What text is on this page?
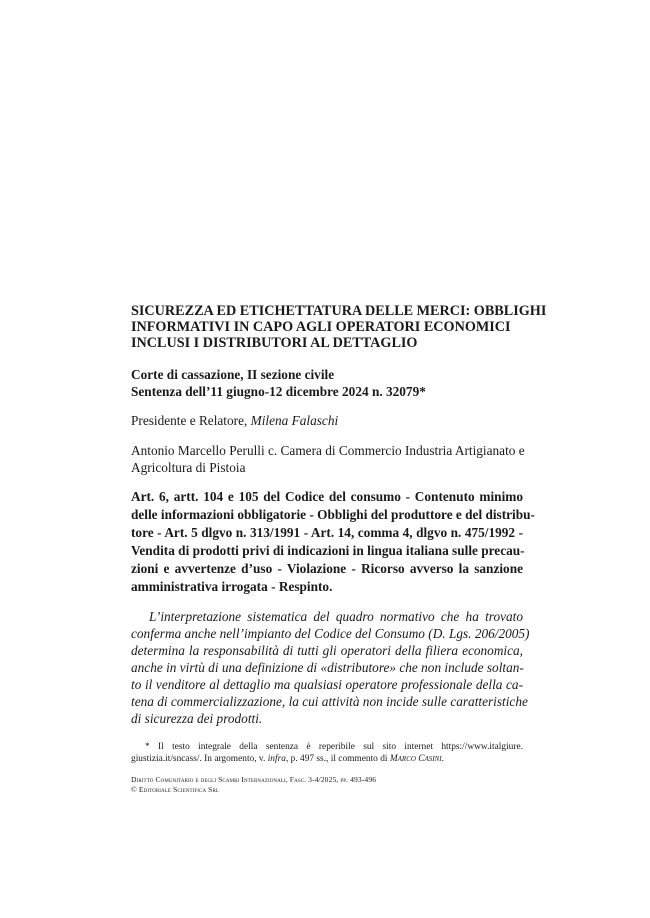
SICUREZZA ED ETICHETTATURA DELLE MERCI: OBBLIGHI
INFORMATIVI IN CAPO AGLI OPERATORI ECONOMICI
INCLUSI I DISTRIBUTORI AL DETTAGLIO
Corte di cassazione, II sezione civile
Sentenza dell’11 giugno-12 dicembre 2024 n. 32079*
Presidente e Relatore, Milena Falaschi
Antonio Marcello Perulli c. Camera di Commercio Industria Artigianato e
Agricoltura di Pistoia
Art. 6, artt. 104 e 105 del Codice del consumo - Contenuto minimo
delle informazioni obbligatorie - Obblighi del produttore e del distribu-
tore - Art. 5 dlgvo n. 313/1991 - Art. 14, comma 4, dlgvo n. 475/1992 -
Vendita di prodotti privi di indicazioni in lingua italiana sulle precau-
zioni e avvertenze d’uso - Violazione - Ricorso avverso la sanzione
amministrativa irrogata - Respinto.
L’interpretazione sistematica del quadro normativo che ha trovato
conferma anche nell’impianto del Codice del Consumo (D. Lgs. 206/2005)
determina la responsabilità di tutti gli operatori della filiera economica,
anche in virtù di una definizione di «distributore» che non include soltan-
to il venditore al dettaglio ma qualsiasi operatore professionale della ca-
tena di commercializzazione, la cui attività non incide sulle caratteristiche
di sicurezza dei prodotti.
* Il testo integrale della sentenza è reperibile sul sito internet https://www.italgiure.
giustizia.it/sncass/. In argomento, v. infra, p. 497 ss., il commento di Marco Casini.
Diritto Comunitario e degli Scambi Internazionali, Fasc. 3-4/2025, pp. 493-496
© Editoriale Scientifica Srl
